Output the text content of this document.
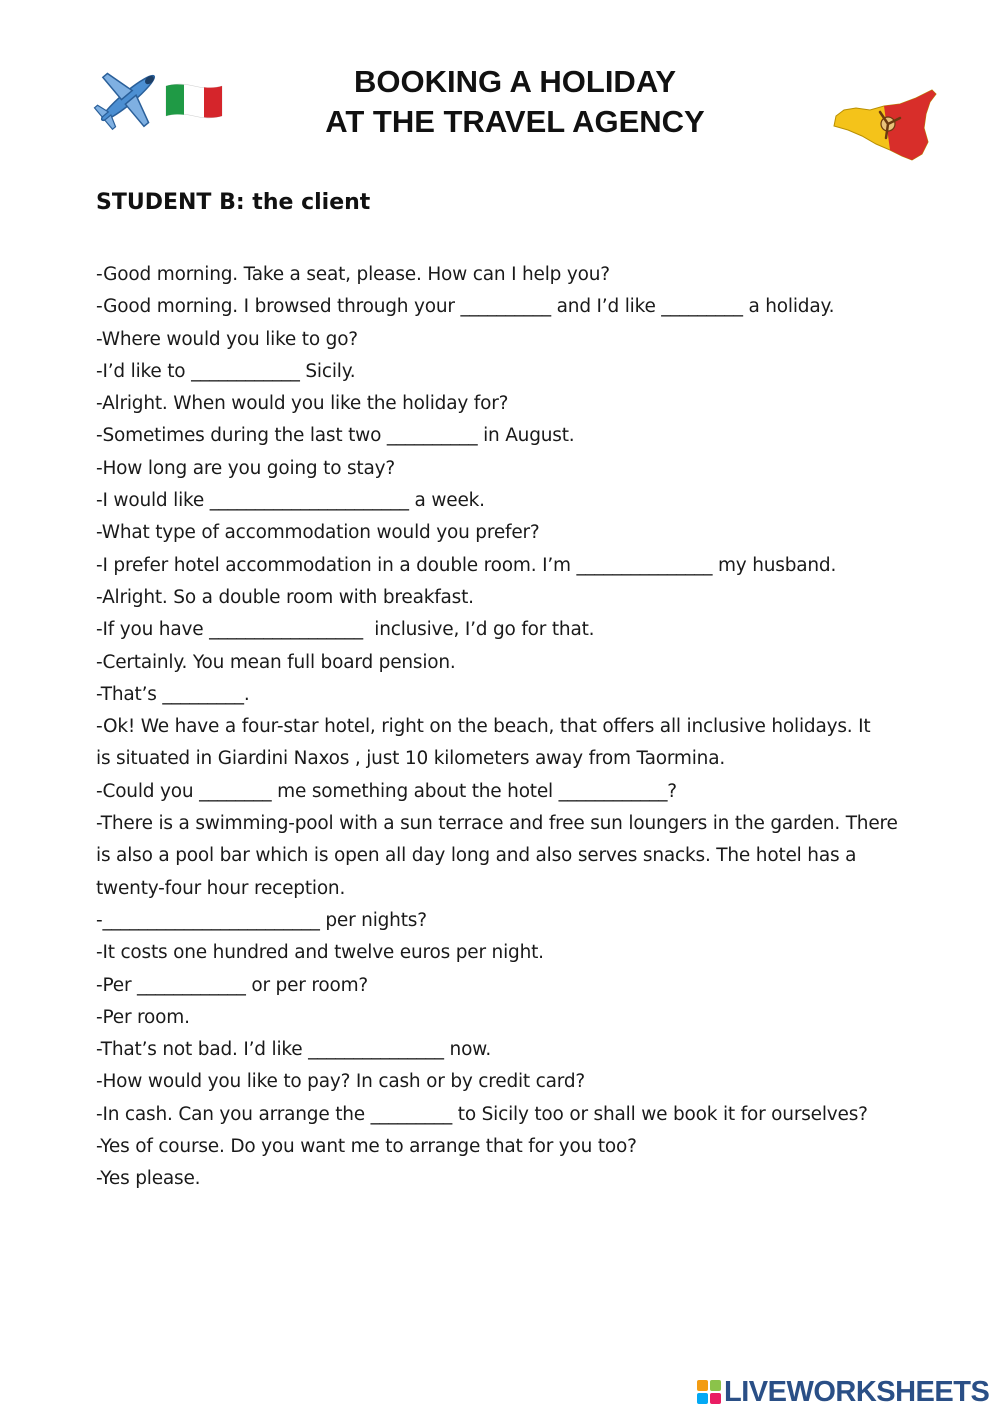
BOOKING A HOLIDAY
AT THE TRAVEL AGENCY
STUDENT B: the client
-Good morning. Take a seat, please. How can I help you?
-Good morning. I browsed through your __________ and I’d like _________ a holiday.
-Where would you like to go?
-I’d like to ____________ Sicily.
-Alright. When would you like the holiday for?
-Sometimes during the last two __________ in August.
-How long are you going to stay?
-I would like ______________________ a week.
-What type of accommodation would you prefer?
-I prefer hotel accommodation in a double room. I’m _______________ my husband.
-Alright. So a double room with breakfast.
-If you have _________________  inclusive, I’d go for that.
-Certainly. You mean full board pension.
-That’s _________.
-Ok! We have a four-star hotel, right on the beach, that offers all inclusive holidays. It
is situated in Giardini Naxos , just 10 kilometers away from Taormina.
-Could you ________ me something about the hotel ____________?
-There is a swimming-pool with a sun terrace and free sun loungers in the garden. There
is also a pool bar which is open all day long and also serves snacks. The hotel has a
twenty-four hour reception.
-________________________ per nights?
-It costs one hundred and twelve euros per night.
-Per ____________ or per room?
-Per room.
-That’s not bad. I’d like _______________ now.
-How would you like to pay? In cash or by credit card?
-In cash. Can you arrange the _________ to Sicily too or shall we book it for ourselves?
-Yes of course. Do you want me to arrange that for you too?
-Yes please.
LIVEWORKSHEETS
